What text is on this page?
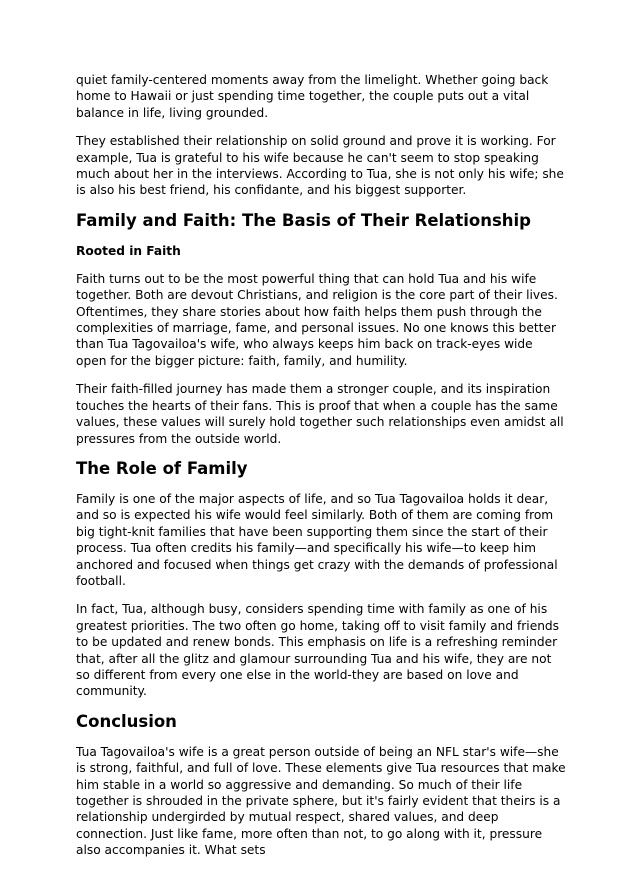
quiet family-centered moments away from the limelight. Whether going back home to Hawaii or just spending time together, the couple puts out a vital balance in life, living grounded.

They established their relationship on solid ground and prove it is working. For example, Tua is grateful to his wife because he can't seem to stop speaking much about her in the interviews. According to Tua, she is not only his wife; she is also his best friend, his confidante, and his biggest supporter.

Family and Faith: The Basis of Their Relationship
Rooted in Faith

Faith turns out to be the most powerful thing that can hold Tua and his wife together. Both are devout Christians, and religion is the core part of their lives. Oftentimes, they share stories about how faith helps them push through the complexities of marriage, fame, and personal issues. No one knows this better than Tua Tagovailoa's wife, who always keeps him back on track-eyes wide open for the bigger picture: faith, family, and humility.

Their faith-filled journey has made them a stronger couple, and its inspiration touches the hearts of their fans. This is proof that when a couple has the same values, these values will surely hold together such relationships even amidst all pressures from the outside world.

The Role of Family

Family is one of the major aspects of life, and so Tua Tagovailoa holds it dear, and so is expected his wife would feel similarly. Both of them are coming from big tight-knit families that have been supporting them since the start of their process. Tua often credits his family—and specifically his wife—to keep him anchored and focused when things get crazy with the demands of professional football.

In fact, Tua, although busy, considers spending time with family as one of his greatest priorities. The two often go home, taking off to visit family and friends to be updated and renew bonds. This emphasis on life is a refreshing reminder that, after all the glitz and glamour surrounding Tua and his wife, they are not so different from every one else in the world-they are based on love and community.

Conclusion

Tua Tagovailoa's wife is a great person outside of being an NFL star's wife—she is strong, faithful, and full of love. These elements give Tua resources that make him stable in a world so aggressive and demanding. So much of their life together is shrouded in the private sphere, but it's fairly evident that theirs is a relationship undergirded by mutual respect, shared values, and deep connection. Just like fame, more often than not, to go along with it, pressure also accompanies it. What sets
